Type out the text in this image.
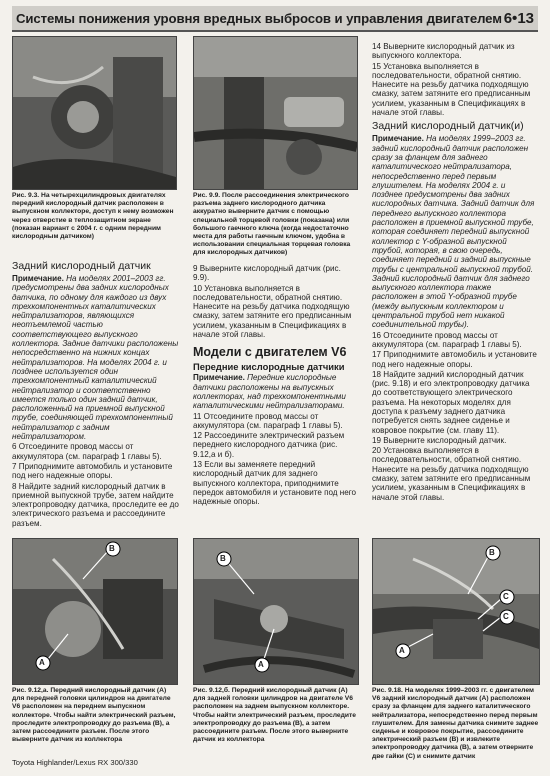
Системы понижения уровня вредных выбросов и управления двигателем 6•13
Рис. 9.3. На четырехцилиндровых двигателях передний кислородный датчик расположен в выпускном коллекторе, доступ к нему возможен через отверстие в теплозащитном экране (показан вариант с 2004 г. с одним передним кислородным датчиком)
Рис. 9.9. После рассоединения электрического разъема заднего кислородного датчика аккуратно выверните датчик с помощью специальной торцевой головки (показана) или большого гаечного ключа (когда недостаточно места для работы гаечным ключом, удобна в использовании специальная торцевая головка для кислородных датчиков)

Задний кислородный датчик

Примечание. На моделях 2001–2003 гг. предусмотрены два задних кислородных датчика, по одному для каждого из двух трехкомпонентных каталитических нейтрализаторов, являющихся неотъемлемой частью соответствующего выпускного коллектора. Задние датчики расположены непосредственно на нижних концах нейтрализаторов. На моделях 2004 г. и позднее используется один трехкомпонентный каталитический нейтрализатор и соответственно имеется только один задний датчик, расположенный на приемной выпускной трубе, соединяющей трехкомпонентный нейтрализатор с задним нейтрализатором.

6 Отсоедините провод массы от аккумулятора (см. параграф 1 главы 5).

7 Приподнимите автомобиль и установите под него надежные опоры.

8 Найдите задний кислородный датчик в приемной выпускной трубе, затем найдите электропроводку датчика, проследите ее до электрического разъема и рассоедините разъем.

9 Выверните кислородный датчик (рис. 9.9).

10 Установка выполняется в последовательности, обратной снятию. Нанесите на резьбу датчика подходящую смазку, затем затяните его предписанным усилием, указанным в Спецификациях в начале этой главы.

Модели с двигателем V6

Передние кислородные датчики

Примечание. Передние кислородные датчики расположены на выпускных коллекторах, над трехкомпонентными каталитическими нейтрализаторами.

11 Отсоедините провод массы от аккумулятора (см. параграф 1 главы 5).

12 Рассоедините электрический разъем переднего кислородного датчика (рис. 9.12,а и б).

13 Если вы заменяете передний кислородный датчик для заднего выпускного коллектора, приподнимите передок автомобиля и установите под него надежные опоры.

14 Выверните кислородный датчик из выпускного коллектора.

15 Установка выполняется в последовательности, обратной снятию. Нанесите на резьбу датчика подходящую смазку, затем затяните его предписанным усилием, указанным в Спецификациях в начале этой главы.

Задний кислородный датчик(и)

Примечание. На моделях 1999–2003 гг. задний кислородный датчик расположен сразу за фланцем для заднего каталитического нейтрализатора, непосредственно перед первым глушителем. На моделях 2004 г. и позднее предусмотрены два задних кислородных датчика. Задний датчик для переднего выпускного коллектора расположен в приемной выпускной трубе, которая соединяет передний выпускной коллектор с Y-образной выпускной трубой, которая, в свою очередь, соединяет передний и задний выпускные трубы с центральной выпускной трубой. Задний кислородный датчик для заднего выпускного коллектора также расположен в этой Y-образной трубе (между выпускным коллектором и центральной трубой нет никакой соединительной трубы).

16 Отсоедините провод массы от аккумулятора (см. параграф 1 главы 5).

17 Приподнимите автомобиль и установите под него надежные опоры.

18 Найдите задний кислородный датчик (рис. 9.18) и его электропроводку датчика до соответствующего электрического разъема. На некоторых моделях для доступа к разъему заднего датчика потребуется снять заднее сиденье и ковровое покрытие (см. главу 11).

19 Выверните кислородный датчик.

20 Установка выполняется в последовательности, обратной снятию. Нанесите на резьбу датчика подходящую смазку, затем затяните его предписанным усилием, указанным в Спецификациях в начале этой главы.

B
A
Рис. 9.12,а. Передний кислородный датчик (А) для передней головки цилиндров на двигателе V6 расположен на переднем выпускном коллекторе. Чтобы найти электрический разъем, проследите электропроводку до разъема (В), а затем рассоедините разъем. После этого выверните датчик из коллектора
B
A
Рис. 9.12,б. Передний кислородный датчик (А) для задней головки цилиндров на двигателе V6 расположен на заднем выпускном коллекторе. Чтобы найти электрический разъем, проследите электропроводку до разъема (В), а затем рассоедините разъем. После этого выверните датчик из коллектора
B
C
C
A
Рис. 9.18. На моделях 1999–2003 гг. с двигателем V6 задний кислородный датчик (А) расположен сразу за фланцем для заднего каталитического нейтрализатора, непосредственно перед первым глушителем. Для замены датчика снимите заднее сиденье и ковровое покрытие, рассоедините электрический разъем (В) и извлеките электропроводку датчика (В), а затем отверните две гайки (С) и снимите датчик
Toyota Highlander/Lexus RX 300/330
